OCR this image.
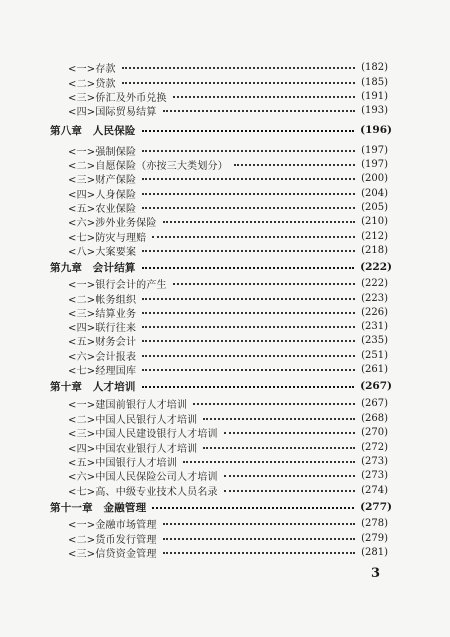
<一>存款	(182)
<二>贷款	(185)
<三>侨汇及外币兑换	(191)
<四>国际贸易结算	(193)
第八章　人民保险	(196)
<一>强制保险	(197)
<二>自愿保险（亦按三大类划分）	(197)
<三>财产保险	(200)
<四>人身保险	(204)
<五>农业保险	(205)
<六>涉外业务保险	(210)
<七>防灾与理赔	(212)
<八>大案要案	(218)
第九章　会计结算	(222)
<一>银行会计的产生	(222)
<二>帐务组织	(223)
<三>结算业务	(226)
<四>联行往来	(231)
<五>财务会计	(235)
<六>会计报表	(251)
<七>经理国库	(261)
第十章　人才培训	(267)
<一>建国前银行人才培训	(267)
<二>中国人民银行人才培训	(268)
<三>中国人民建设银行人才培训	(270)
<四>中国农业银行人才培训	(272)
<五>中国银行人才培训	(273)
<六>中国人民保险公司人才培训	(273)
<七>高、中级专业技术人员名录	(274)
第十一章　金融管理	(277)
<一>金融市场管理	(278)
<二>货币发行管理	(279)
<三>信贷资金管理	(281)
3
